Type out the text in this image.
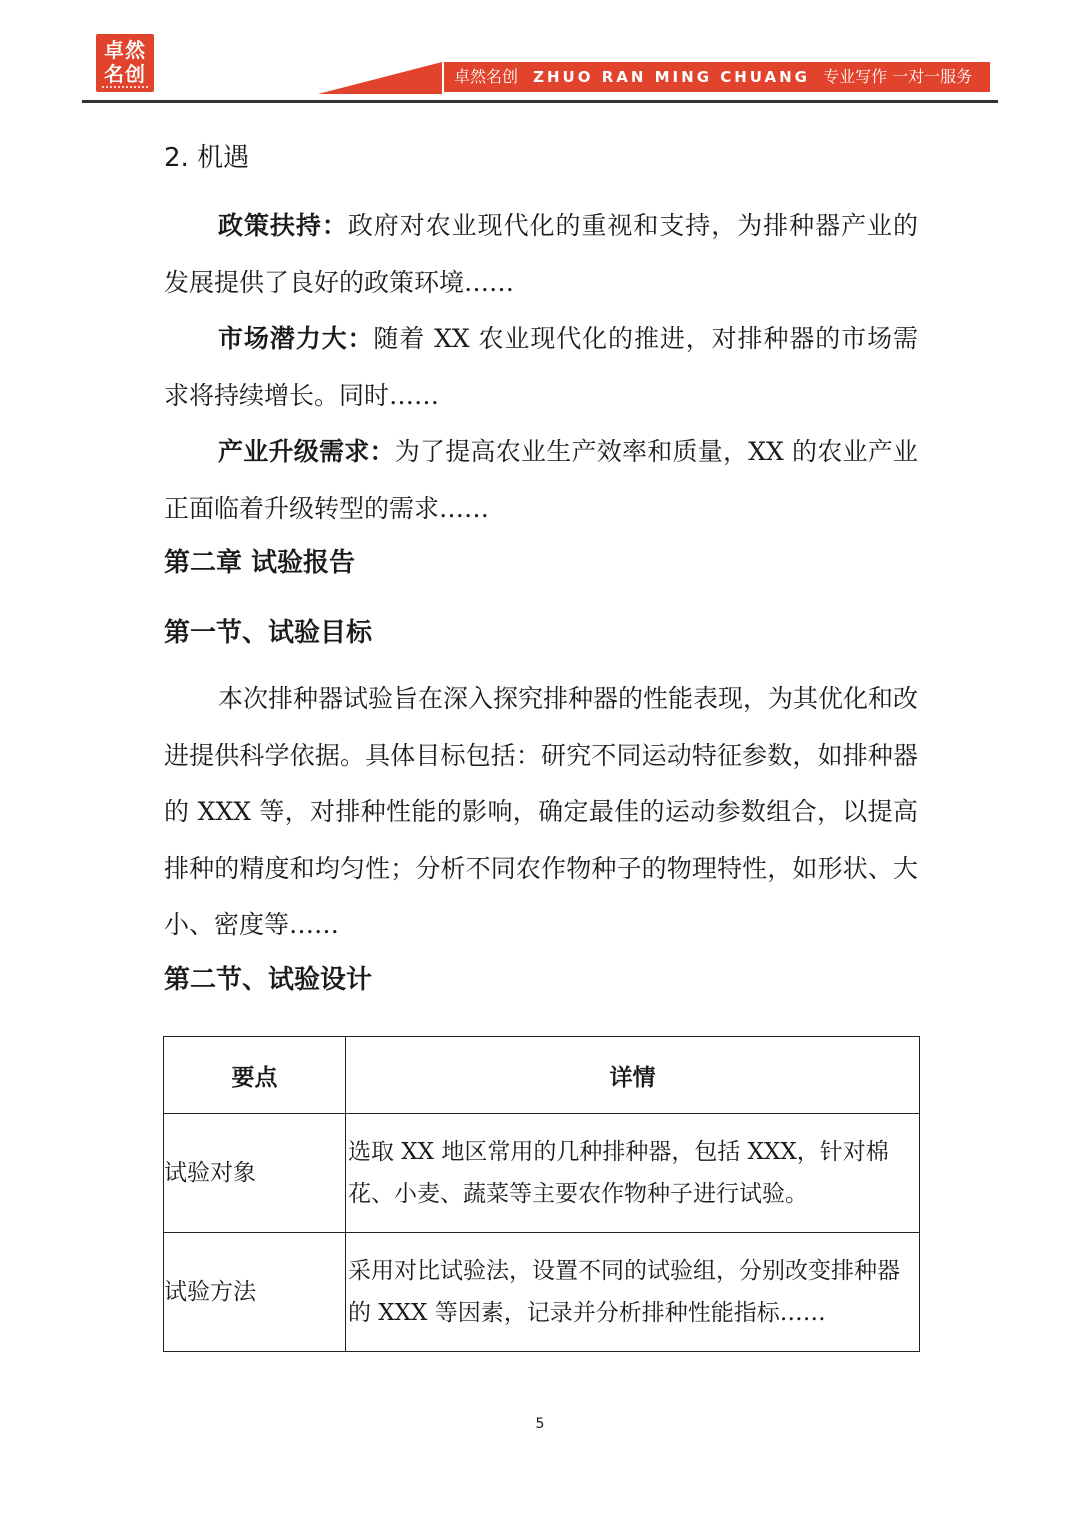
卓然
名创	卓然名创 ZHUO RAN MING CHUANG 专业写作 一对一服务
2. 机遇

政策扶持：政府对农业现代化的重视和支持，为排种器产业的发展提供了良好的政策环境……

市场潜力大：随着 XX 农业现代化的推进，对排种器的市场需求将持续增长。同时……

产业升级需求：为了提高农业生产效率和质量，XX 的农业产业正面临着升级转型的需求……

第二章 试验报告
第一节、试验目标

本次排种器试验旨在深入探究排种器的性能表现，为其优化和改进提供科学依据。具体目标包括：研究不同运动特征参数，如排种器的 XXX 等，对排种性能的影响，确定最佳的运动参数组合，以提高排种的精度和均匀性；分析不同农作物种子的物理特性，如形状、大小、密度等……

第二节、试验设计
要点	详情
试验对象	选取 XX 地区常用的几种排种器，包括 XXX，针对棉花、小麦、蔬菜等主要农作物种子进行试验。
试验方法	采用对比试验法，设置不同的试验组，分别改变排种器的 XXX 等因素，记录并分析排种性能指标……
5
